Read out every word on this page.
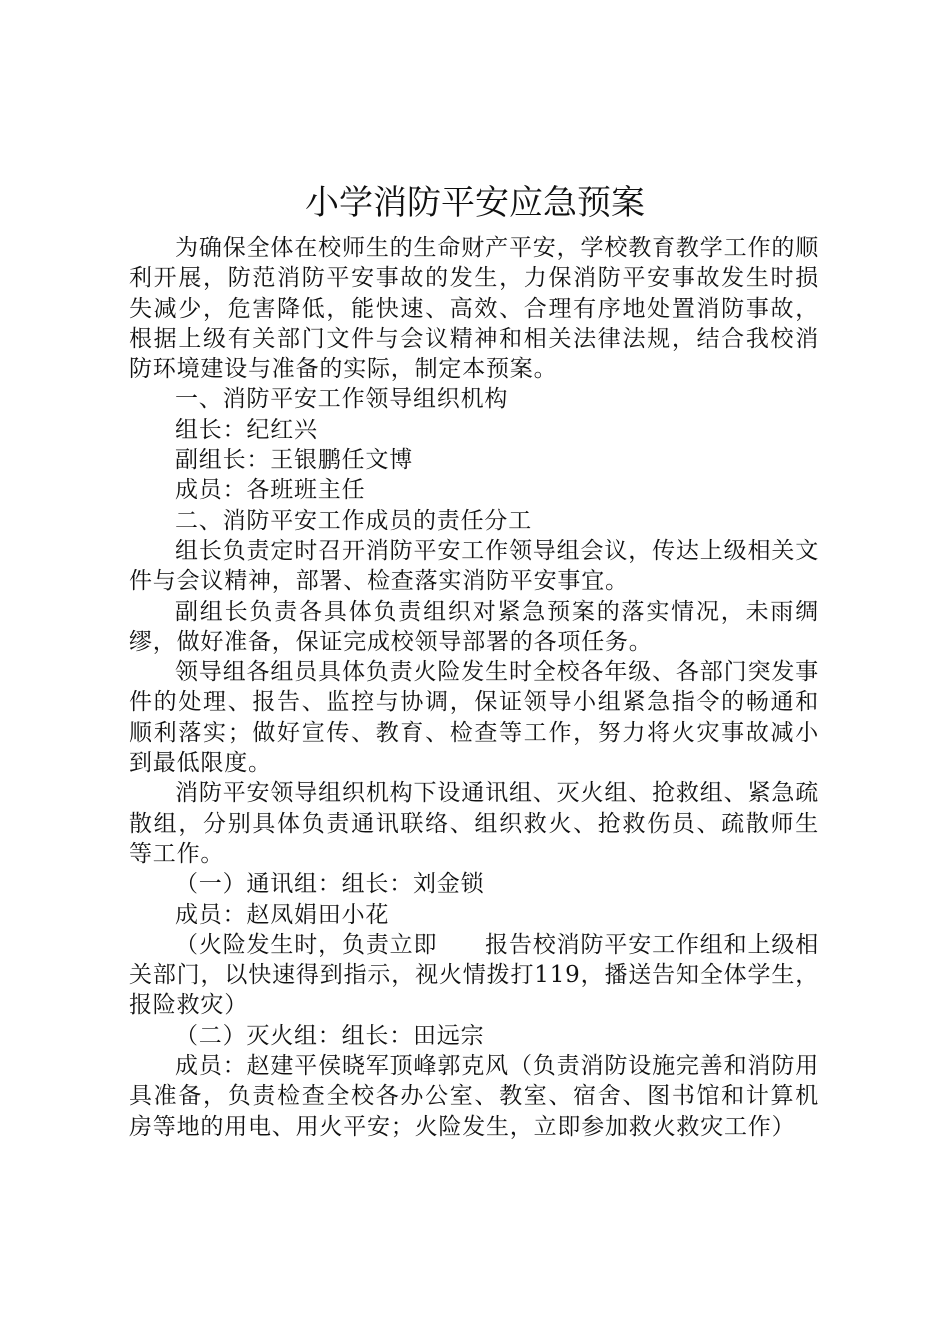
小学消防平安应急预案

为确保全体在校师生的生命财产平安，学校教育教学工作的顺利开展，防范消防平安事故的发生，力保消防平安事故发生时损失减少，危害降低，能快速、高效、合理有序地处置消防事故，根据上级有关部门文件与会议精神和相关法律法规，结合我校消防环境建设与准备的实际，制定本预案。

一、消防平安工作领导组织机构

组长：纪红兴

副组长：王银鹏任文博

成员：各班班主任

二、消防平安工作成员的责任分工

组长负责定时召开消防平安工作领导组会议，传达上级相关文件与会议精神，部署、检查落实消防平安事宜。

副组长负责各具体负责组织对紧急预案的落实情况，未雨绸缪，做好准备，保证完成校领导部署的各项任务。

领导组各组员具体负责火险发生时全校各年级、各部门突发事件的处理、报告、监控与协调，保证领导小组紧急指令的畅通和顺利落实；做好宣传、教育、检查等工作，努力将火灾事故减小到最低限度。

消防平安领导组织机构下设通讯组、灭火组、抢救组、紧急疏散组，分别具体负责通讯联络、组织救火、抢救伤员、疏散师生等工作。

（一）通讯组：组长：刘金锁

成员：赵凤娟田小花

（火险发生时，负责立即　　报告校消防平安工作组和上级相关部门，以快速得到指示，视火情拨打119，播送告知全体学生，报险救灾）

（二）灭火组：组长：田远宗

成员：赵建平侯晓军顶峰郭克风（负责消防设施完善和消防用具准备，负责检查全校各办公室、教室、宿舍、图书馆和计算机房等地的用电、用火平安；火险发生，立即参加救火救灾工作）
